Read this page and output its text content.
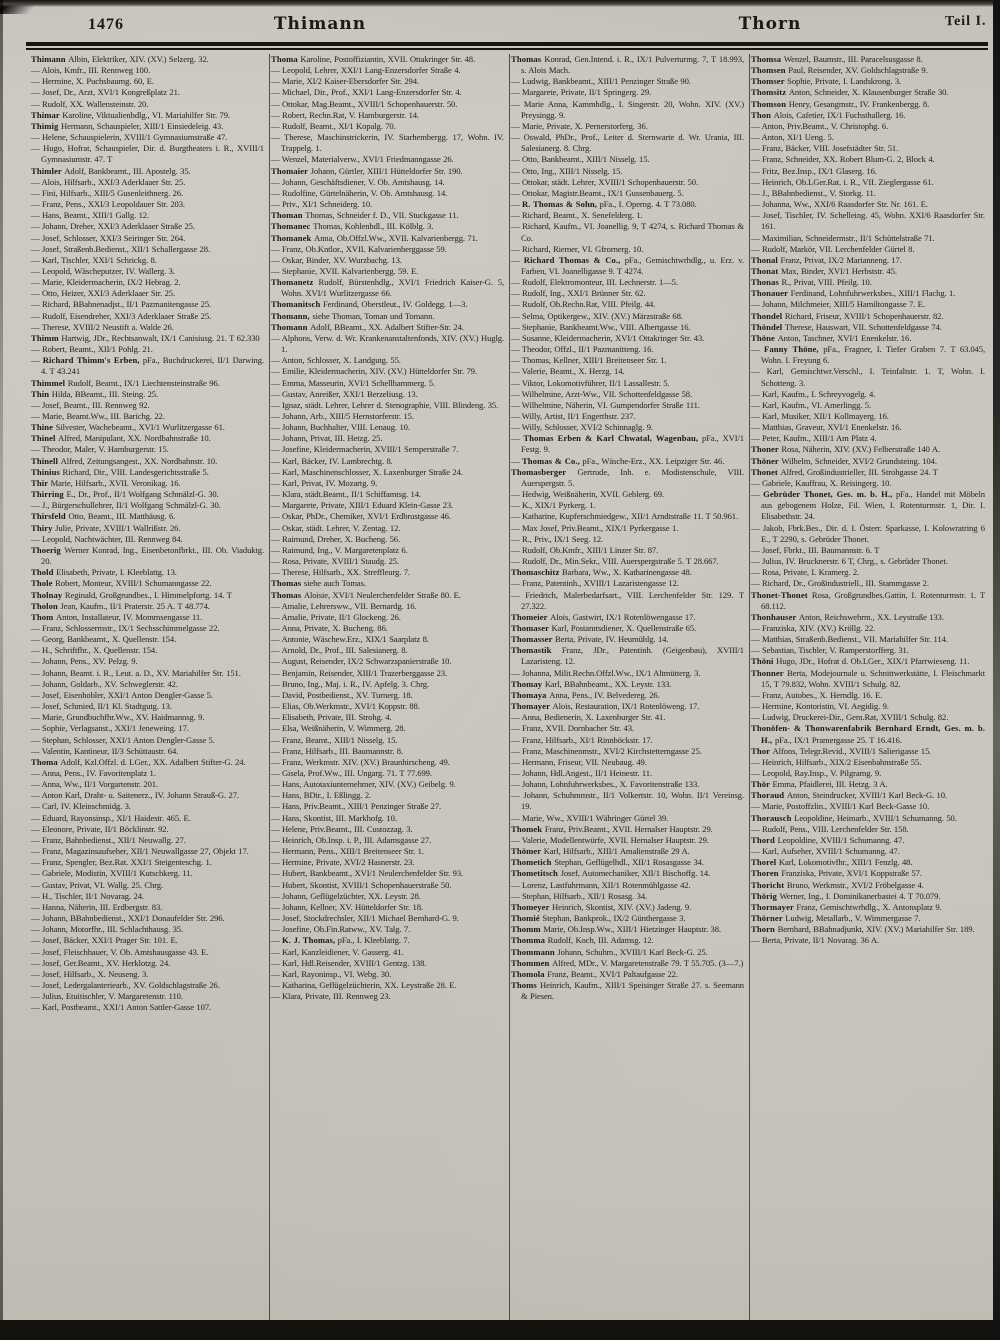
1476	Thimann	Thorn	Teil I.

Thimann Albin, Elektriker, XIV. (XV.) Selzerg. 32.

— Alois, Kmfr., III. Rennweg 100.

— Hermine, X. Puchsbaumg. 60, E.

— Josef, Dr., Arzt, XVI/1 Kongreßplatz 21.

— Rudolf, XX. Wallensteinstr. 20.

Thimar Karoline, Viktualienhdlg., VI. Mariahilfer Str. 79.

Thimig Hermann, Schauspieler, XIII/1 Einsiedeleig. 43.

— Helene, Schauspielerin, XVIII/1 Gymnasiumstraße 47.

— Hugo, Hofrat, Schauspieler, Dir. d. Burgtheaters i. R., XVIII/1 Gymnasiumstr. 47. T

Thimler Adolf, Bankbeamt., III. Apostelg. 35.

— Alois, Hilfsarb., XXI/3 Aderklaaer Str. 25.

— Fini, Hilfsarb., XIII/5 Gusenleithnerg. 26.

— Franz, Pens., XXI/3 Leopoldauer Str. 203.

— Hans, Beamt., XIII/1 Gallg. 12.

— Johann, Dreher, XXI/3 Aderklaaer Straße 25.

— Josef, Schlosser, XXI/3 Seiringer Str. 264.

— Josef, Straßenb.Bedienst., XII/1 Schallergasse 28.

— Karl, Tischler, XXI/1 Schrickg. 8.

— Leopold, Wäscheputzer, IV. Wallerg. 3.

— Marie, Kleidermacherin, IX/2 Hebrag. 2.

— Otto, Heizer, XXI/3 Aderklaaer Str. 25.

— Richard, BBahnenadjst., II/1 Pazmanitengasse 25.

— Rudolf, Eisendreher, XXI/3 Aderklaaer Straße 25.

— Therese, XVIII/2 Neustift a. Walde 26.

Thimm Hartwig, JDr., Rechtsanwalt, IX/1 Canisiusg. 21. T 62.330

— Robert, Beamt., XII/1 Pohlg. 21.

— Richard Thimm's Erben, pFa., Buchdruckerei, II/1 Darwing. 4. T 43.241

Thimmel Rudolf, Beamt., IX/1 Liechtensteinstraße 96.

Thin Hilda, BBeamt., III. Steing. 25.

— Josef, Beamt., III. Rennweg 92.

— Marie, Beamt.Ww., III. Barichg. 22.

Thine Silvester, Wachebeamt., XVI/1 Wurlitzergasse 61.

Thinel Alfred, Manipulant, XX. Nordbahnstraße 10.

— Theodor, Maler, V. Hamburgerstr. 15.

Thinell Alfred, Zeitungsangest., XX. Nordbahnstr. 10.

Thinius Richard, Dir., VIII. Landesgerichtsstraße 5.

Thir Marie, Hilfsarb., XVII. Veronikag. 16.

Thirring E., Dr., Prof., II/1 Wolfgang Schmälzl-G. 30.

— J., Bürgerschullehrer, II/1 Wolfgang Schmälzl-G. 30.

Thirsfeld Otto, Beamt., III. Matthäusg. 6.

Thiry Julie, Private, XVIII/1 Wallrißstr. 26.

— Leopold, Nachtwächter, III. Rennweg 84.

Thoerig Werner Konrad, Ing., Eisenbetonfbrkt., III. Ob. Viaduktg. 20.

Thold Elisabeth, Private, I. Kleeblattg. 13.

Thole Robert, Monteur, XVIII/1 Schumanngasse 22.

Tholnay Reginald, Großgrundbes., I. Himmelpfortg. 14. T

Tholon Jean, Kaufm., II/1 Praterstr. 25 A. T 48.774.

Thom Anton, Installateur, IV. Mommsengasse 11.

— Franz, Schlossermstr., IX/1 Sechsschimmelgasse 22.

— Georg, Bankbeamt., X. Quellenstr. 154.

— H., Schriftfhr., X. Quellenstr. 154.

— Johann, Pens., XV. Pelzg. 9.

— Johann, Beamt. i. R., Leut. a. D., XV. Mariahilfer Str. 151.

— Johann, Goldarb., XV. Schweglerstr. 42.

— Josef, Eisenhobler, XXI/1 Anton Dengler-Gasse 5.

— Josef, Schmied, II/1 Kl. Stadtgutg. 13.

— Marie, Grundbuchfhr.Ww., XV. Haidmannsg. 9.

— Sophie, Verlagsanst., XXI/1 Jeneweing. 17.

— Stephan, Schlosser, XXI/1 Anton Dengler-Gasse 5.

— Valentin, Kantineur, II/3 Schüttaustr. 64.

Thoma Adolf, Kzl.Offzl. d. LGer., XX. Adalbert Stifter-G. 24.

— Anna, Pens., IV. Favoritenplatz 1.

— Anna, Ww., II/1 Vorgartenstr. 201.

— Anton Karl, Draht- u. Saitenerz., IV. Johann Strauß-G. 27.

— Carl, IV. Kleinschmidg. 3.

— Eduard, Rayonsinsp., XI/1 Haidestr. 465. E.

— Eleonore, Private, II/1 Böcklinstr. 92.

— Franz, Bahnbedienst., XII/1 Neuwallg. 27.

— Franz, Magazinsaufseher, XII/1 Neuwallgasse 27, Objekt 17.

— Franz, Spengler, Bez.Rat. XXI/1 Steigenteschg. 1.

— Gabriele, Modistin, XVIII/1 Kutschkerg. 11.

— Gustav, Privat, VI. Wallg. 25. Chrg.

— H., Tischler, II/1 Novarag. 24.

— Hanna, Näherin, III. Erdbergstr. 83.

— Johann, BBahnbedienst., XXI/1 Donaufelder Str. 296.

— Johann, Motorfhr., III. Schlachthausg. 35.

— Josef, Bäcker, XXI/1 Prager Str. 101. E.

— Josef, Fleischhauer, V. Ob. Amtshausgasse 43. E.

— Josef, Ger.Beamt., XV. Herklotzg. 24.

— Josef, Hilfsarb., X. Neuseng. 3.

— Josef, Ledergalanteriearb., XV. Goldschlagstraße 26.

— Julius, Etuitischler, V. Margaretenstr. 110.

— Karl, Postbeamt., XXI/1 Anton Sattler-Gasse 107.

Thoma Karoline, Postoffiziantin, XVII. Ottakringer Str. 48.

— Leopold, Lehrer, XXI/1 Lang-Enzersdorfer Straße 4.

— Marie, XI/2 Kaiser-Ebersdorfer Str. 294.

— Michael, Dir., Prof., XXI/1 Lang-Enzersdorfer Str. 4.

— Ottokar, Mag.Beamt., XVIII/1 Schopenhauerstr. 50.

— Robert, Rechn.Rat, V. Hamburgerstr. 14.

— Rudolf, Beamt., XI/1 Kopalg. 70.

— Therese, Maschinstrickerin, IV. Starhembergg. 17, Wohn. IV. Trappelg. 1.

— Wenzel, Materialverw., XVI/1 Friedmanngasse 26.

Thomaier Johann, Gürtler, XIII/1 Hütteldorfer Str. 190.

— Johann, Geschäftsdiener, V. Ob. Amtshausg. 14.

— Rudolfine, Gürtelnäherin, V. Ob. Amtshausg. 14.

— Priv., XI/1 Schneiderg. 10.

Thoman Thomas, Schneider f. D., VII. Stuckgasse 11.

Thomanec Thomas, Kohlenhdl., III. Kölblg. 3.

Thomanek Anna, Ob.Offzl.Ww., XVII. Kalvarienbergg. 71.

— Franz, Ob.Kntlor., XVII. Kalvarienberggasse 59.

— Oskar, Binder, XV. Wurzbachg. 13.

— Stephanie, XVII. Kalvarienbergg. 59. E.

Thomanetz Rudolf, Bürstenhdlg., XVI/1 Friedrich Kaiser-G. 5, Wohn. XVI/1 Wurlitzergasse 66.

Thomanitsch Ferdinand, Oberstleut., IV. Goldegg. 1—3.

Thomann, siehe Thoman, Toman und Tomann.

Thomann Adolf, BBeamt., XX. Adalbert Stifter-Str. 24.

— Alphons, Verw. d. Wr. Krankenanstaltenfonds, XIV. (XV.) Huglg. 1.

— Anton, Schlosser, X. Landgutg. 55.

— Emilie, Kleidermacherin, XIV. (XV.) Hütteldorfer Str. 79.

— Emma, Masseurin, XVI/1 Schellhammerg. 5.

— Gustav, Anreißer, XXI/1 Berzeliusg. 13.

— Ignaz, städt. Lehrer, Lehrer d. Stenographie, VIII. Blindeng. 35.

— Johann, Arb., XIII/5 Hernstorferstr. 15.

— Johann, Buchhalter, VIII. Lenaug. 10.

— Johann, Privat, III. Hetzg. 25.

— Josefine, Kleidermacherin, XVIII/1 Semperstraße 7.

— Karl, Bäcker, IV. Lambrechtg. 8.

— Karl, Maschinenschlosser, X. Laxenburger Straße 24.

— Karl, Privat, IV. Mozartg. 9.

— Klara, städt.Beamt., II/1 Schiffamtsg. 14.

— Margarete, Private, XIII/1 Eduard Klein-Gasse 23.

— Oskar, PhDr., Chemiker, XVI/1 Erdbrustgasse 46.

— Oskar, städt. Lehrer, V. Zentag. 12.

— Raimund, Dreher, X. Bucheng. 56.

— Raimund, Ing., V. Margaretenplatz 6.

— Rosa, Private, XVIII/1 Staudg. 25.

— Therese, Hilfsarb., XX. Streffleurg. 7.

Thomas siehe auch Tomas.

Thomas Aloisie, XVI/1 Neulerchenfelder Straße 80. E.

— Amalie, Lehrersww., VII. Bernardg. 16.

— Amalie, Private, II/1 Glockeng. 26.

— Anna, Private, X. Bucheng. 86.

— Antonie, Wäschew.Erz., XIX/1 Saarplatz 8.

— Arnold, Dr., Prof., III. Salesianerg. 8.

— August, Reisender, IX/2 Schwarzspanierstraße 10.

— Benjamin, Reisender, XIII/1 Trazerberggasse 23.

— Bruno, Ing., Maj. i. R., IV. Apfelg. 3. Chrg.

— David, Postbedienst., XV. Turnerg. 18.

— Elias, Ob.Werkmstr., XVI/1 Koppstr. 88.

— Elisabeth, Private, III. Strohg. 4.

— Elsa, Weißnäherin, V. Wimmerg. 28.

— Franz, Beamt., XIII/1 Nisselg. 15.

— Franz, Hilfsarb., III. Baumannstr. 8.

— Franz, Werkmstr. XIV. (XV.) Braunhirscheng. 49.

— Gisela, Prof.Ww., III. Ungarg. 71. T 77.699.

— Hans, Autotaxiunternehmer, XIV. (XV.) Geibelg. 9.

— Hans, BDir., I. Eßlingg. 2.

— Hans, Priv.Beamt., XIII/1 Penzinger Straße 27.

— Hans, Skontist, III. Markhofg. 10.

— Helene, Priv.Beamt., III. Custozzag. 3.

— Heinrich, Ob.Insp. i. P., III. Adamsgasse 27.

— Hermann, Pens., XIII/1 Breitenseer Str. 1.

— Hermine, Private, XVI/2 Hasnerstr. 23.

— Hubert, Bankbeamt., XVI/1 Neulerchenfelder Str. 93.

— Hubert, Skontist, XVIII/1 Schopenhauerstraße 50.

— Johann, Geflügelzüchter, XX. Leystr. 28.

— Johann, Kellner, XV. Hütteldorfer Str. 18.

— Josef, Stockdrechsler, XII/1 Michael Bernhard-G. 9.

— Josefine, Ob.Fin.Ratww., XV. Talg. 7.

— K. J. Thomas, pFa., I. Kleeblattg. 7.

— Karl, Kanzleidiener, V. Gasserg. 41.

— Karl, Hdl.Reisender, XVIII/1 Gentzg. 138.

— Karl, Rayoninsp., VI. Webg. 30.

— Katharina, Geflügelzüchterin, XX. Leystraße 28. E.

— Klara, Private, III. Rennweg 23.

Thomas Konrad, Gen.Intend. i. R., IX/1 Pulverturmg. 7, T 18.993, s. Alois Mach.

— Ludwig, Bankbeamt., XIII/1 Penzinger Straße 90.

— Margarete, Private, II/1 Springerg. 29.

— Marie Anna, Kammhdlg., I. Singerstr. 20, Wohn. XIV. (XV.) Preysingg. 9.

— Marie, Private, X. Pernerstorferg. 36.

— Oswald, PhDr., Prof., Leiter d. Sternwarte d. Wr. Urania, III. Salesianerg. 8. Chrg.

— Otto, Bankbeamt., XIII/1 Nisselg. 15.

— Otto, Ing., XIII/1 Nisselg. 15.

— Ottokar, städt. Lehrer, XVIII/1 Schopenhauerstr. 50.

— Ottokar, Magistr.Beamt., IX/1 Gussenbauerg. 5.

— R. Thomas & Sohn, pFa., I. Operng. 4. T 73.080.

— Richard, Beamt., X. Senefelderg. 1.

— Richard, Kaufm., VI. Joanellig. 9, T 4274, s. Richard Thomas & Co.

— Richard, Riemer, VI. Gfrornerg. 10.

— Richard Thomas & Co., pFa., Gemischtwrhdlg., u. Erz. v. Farben, VI. Joanelligasse 9. T 4274.

— Rudolf, Elektromonteur, III. Lechnerstr. 1—5.

— Rudolf, Ing., XXI/1 Brünner Str. 62.

— Rudolf, Ob.Rechn.Rat, VIII. Pfeilg. 44.

— Selma, Optikergew., XIV. (XV.) Märzstraße 68.

— Stephanie, Bankbeamt.Ww., VIII. Albertgasse 16.

— Susanne, Kleidermacherin, XVI/1 Ottakringer Str. 43.

— Theodor, Offzl., II/1 Pazmanitteng. 16.

— Thomas, Kellner, XIII/1 Breitenseer Str. 1.

— Valerie, Beamt., X. Herzg. 14.

— Viktor, Lokomotivführer, II/1 Lassallestr. 5.

— Wilhelmine, Arzt-Ww., VII. Schottenfeldgasse 58.

— Wilhelmine, Näherin, VI. Gumpendorfer Straße 111.

— Willy, Artist, II/1 Engerthstr. 237.

— Willy, Schlosser, XVI/2 Schinnaglg. 9.

— Thomas Erben & Karl Chwatal, Wagenbau, pFa., XVI/1 Festg. 9.

— Thomas & Co., pFa., Wäsche-Erz., XX. Leipziger Str. 46.

Thomasberger Gertrude, Inh. e. Modistenschule, VIII. Auerspergstr. 5.

— Hedwig, Weißnäherin, XVII. Geblerg. 69.

— K., XIX/1 Pyrkerg. 1.

— Katharine, Kupferschmiedgew., XII/1 Arndtstraße 11. T 50.961.

— Max Josef, Priv.Beamt., XIX/1 Pyrkergasse 1.

— R., Priv., IX/1 Seeg. 12.

— Rudolf, Ob.Kmfr., XIII/1 Linzer Str. 87.

— Rudolf, Dr., Min.Sekr., VIII. Auerspergstraße 5. T 28.667.

Thomaschitz Barbara, Ww., X. Katharinengasse 48.

— Franz, Patentinh., XVIII/1 Lazaristengasse 12.

— Friedrich, Malerbedarfsart., VIII. Lerchenfelder Str. 129. T 27.322.

Thomeier Alois, Gastwirt, IX/1 Rotenlöwengasse 17.

Thomaser Karl, Postamtsdiener, X. Quellenstraße 65.

Thomasser Berta, Private, IV. Heumühlg. 14.

Thomastik Franz, JDr., Patentinh. (Geigenbau), XVIII/1 Lazaristeng. 12.

— Johanna, Milit.Rechn.Offzl.Ww., IX/1 Altmütterg. 3.

Thomay Karl, BBahnbeamt., XX. Leystr. 133.

Thomaya Anna, Pens., IV. Belvedereg. 26.

Thomayer Alois, Restauration, IX/1 Rotenlöweng. 17.

— Anna, Bedienerin, X. Laxenburger Str. 41.

— Franz, XVII. Dornbacher Str. 43.

— Franz, Hilfsarb., XI/1 Rinnböckstr. 17.

— Franz, Maschinenmstr., XVI/2 Kirchstetterngasse 25.

— Hermann, Friseur, VII. Neubaug. 49.

— Johann, Hdl.Angest., II/1 Heinestr. 11.

— Johann, Lohnfuhrwerksbes., X. Favoritenstraße 133.

— Johann, Schuhmmstr., II/1 Volkertstr. 10, Wohn. II/1 Vereinsg. 19.

— Marie, Ww., XVIII/1 Währinger Gürtel 39.

Thomek Franz, Priv.Beamt., XVII. Hernalser Hauptstr. 29.

— Valerie, Modellentwürfe, XVII. Hernalser Hauptstr. 29.

Thömer Karl, Hilfsarb., XIII/1 Amalienstraße 29 A.

Thometich Stephan, Geflügelhdl., XII/1 Rosasgasse 34.

Thometitsch Josef, Automechaniker, XII/1 Bischoffg. 14.

— Lorenz, Lastfuhrmann, XII/1 Rotenmühlgasse 42.

— Stephan, Hilfsarb., XII/1 Rosasg. 34.

Thomeyer Heinrich, Skontist, XIV. (XV.) Jadeng. 9.

Thomié Stephan, Bankprok., IX/2 Günthergasse 3.

Thomm Marie, Ob.Insp.Ww., XIII/1 Hietzinger Hauptstr. 38.

Thomma Rudolf, Koch, III. Adamsg. 12.

Thommann Johann, Schuhm., XVIII/1 Karl Beck-G. 25.

Thommen Alfred, MDr., V. Margaretenstraße 79. T 55.705. (3—7.)

Thomola Franz, Beamt., XVI/1 Paltaufgasse 22.

Thoms Heinrich, Kaufm., XIII/1 Speisinger Straße 27. s. Seemann & Piesen.

Thomsa Wenzel, Baumstr., III. Paracelsusgasse 8.

Thomsen Paul, Reisender, XV. Goldschlagstraße 9.

Thomser Sophie, Private, I. Landskrong. 3.

Thomsitz Anton, Schneider, X. Klausenburger Straße 30.

Thomson Henry, Gesangmstr., IV. Frankenbergg. 8.

Thon Alois, Cafetier, IX/1 Fuchsthallerg. 16.

— Anton, Priv.Beamt., V. Christophg. 6.

— Anton, XI/1 Ueng. 5.

— Franz, Bäcker, VIII. Josefstädter Str. 51.

— Franz, Schneider, XX. Robert Blum-G. 2, Block 4.

— Fritz, Bez.Insp., IX/1 Glaserg. 16.

— Heinrich, Ob.LGer.Rat. i. R., VII. Zieglergasse 61.

— J., BBahnbedienst., V. Storkg. 11.

— Johanna, Ww., XXI/6 Raasdorfer Str. Nr. 161. E.

— Josef, Tischler, IV. Schelleing. 45, Wohn. XXI/6 Raasdorfer Str. 161.

— Maximilian, Schneidermstr., II/1 Schüttelstraße 71.

— Rudolf, Markör, VII. Lerchenfelder Gürtel 8.

Thonal Franz, Privat, IX/2 Marianneng. 17.

Thonat Max, Binder, XVI/1 Herbststr. 45.

Thonas R., Privat, VIII. Pfeilg. 10.

Thonauer Ferdinand, Lohnfuhrwerksbes., XIII/1 Flachg. 1.

— Johann, Milchmeier, XIII/5 Hamiltongasse 7. E.

Thondel Richard, Friseur, XVIII/1 Schopenhauerstr. 82.

Thöndel Therese, Hauswart, VII. Schottenfeldgasse 74.

Thöne Anton, Taschner, XVI/1 Enenkelstr. 16.

— Fanny Thöne, pFa., Fragner, I. Tiefer Graben 7. T 63.045, Wohn. I. Freyung 6.

— Karl, Gemischtwr.Verschl., I. Teinfaltstr. 1. T, Wohn. I. Schotteng. 3.

— Karl, Kaufm., I. Schreyvogelg. 4.

— Karl, Kaufm., VI. Amerlingg. 5.

— Karl, Musiker, XII/1 Kollmayerg. 16.

— Matthias, Graveur, XVI/1 Enenkelstr. 16.

— Peter, Kaufm., XIII/1 Am Platz 4.

Thoner Rosa, Näherin, XIV. (XV.) Felberstraße 140 A.

Thöner Wilhelm, Schneider, XVI/2 Grundsteing. 104.

Thonet Alfred, Großindustrieller, III. Strohgasse 24. T

— Gabriele, Kauffrau, X. Reisingerg. 10.

— Gebrüder Thonet, Ges. m. b. H., pFa., Handel mit Möbeln aus gebogenem Holze, Fil. Wien, I. Rotenturmstr. 1, Dir. I. Elisabethstr. 24.

— Jakob, Fbrk.Bes., Dir. d. I. Österr. Sparkasse, I. Kolowratring 6 E., T 2290, s. Gebrüder Thonet.

— Josef, Fbrkt., III. Baumannstr. 6. T

— Julius, IV. Brucknerstr. 6 T, Chrg., s. Gebrüder Thonet.

— Rosa, Private, I. Kramerg. 2.

— Richard, Dr., Großindustriell., III. Stammgasse 2.

Thonet-Thonet Rosa, Großgrundbes.Gattin, I. Rotenturmstr. 1. T 68.112.

Thonhauser Anton, Reichswehrm., XX. Leystraße 133.

— Franziska, XIV. (XV.) Kröllg. 22.

— Matthias, Straßenb.Bedienst., VII. Mariahilfer Str. 114.

— Sebastian, Tischler, V. Ramperstorfferg. 31.

Thöni Hugo, JDr., Hofrat d. Ob.LGer., XIX/1 Pfarrwieseng. 11.

Thonner Berta, Modejournale u. Schnittwerkstätte, I. Fleischmarkt 15, T 79.832, Wohn. XVIII/1 Schulg. 82.

— Franz, Autobes., X. Herndlg. 16. E.

— Hermine, Kontoristin, VI. Aegidig. 9.

— Ludwig, Druckerei-Dir., Gem.Rat, XVIII/1 Schulg. 82.

Thonöfen- & Thonwarenfabrik Bernhard Erndt, Ges. m. b. H., pFa., IX/1 Pramergasse 25. T 16.416.

Thor Alfons, Telegr.Revid., XVIII/1 Salierigasse 15.

— Heinrich, Hilfsarb., XIX/2 Eisenbahnstraße 55.

— Leopold, Ray.Insp., V. Pilgramg. 9.

Thör Emma, Pfaidlerei, III. Hetzg. 3 A.

Thoraud Anton, Steindrucker, XVIII/1 Karl Beck-G. 10.

— Marie, Postoffzlin., XVIII/1 Karl Beck-Gasse 10.

Thorausch Leopoldine, Heimarb., XVIII/1 Schumanng. 50.

— Rudolf, Pens., VIII. Lerchenfelder Str. 158.

Thord Leopoldine, XVIII/1 Schumanng. 47.

— Karl, Aufseher, XVIII/1 Schumanng. 47.

Thorel Karl, Lokomotivfhr., XIII/1 Fenzlg. 48.

Thoren Franziska, Private, XVI/1 Koppstraße 57.

Thoricht Bruno, Werkmstr., XVI/2 Fröbelgasse 4.

Thörig Werner, Ing., I. Dominikanerbastei 4. T 70.079.

Thormayer Franz, Gemischtwrhdlg., X. Antonsplatz 9.

Thörner Ludwig, Metallarb., V. Wimmergasse 7.

Thorn Bernhard, BBahnadjunkt, XIV. (XV.) Mariahilfer Str. 189.

— Berta, Private, II/1 Novarag. 36 A.
